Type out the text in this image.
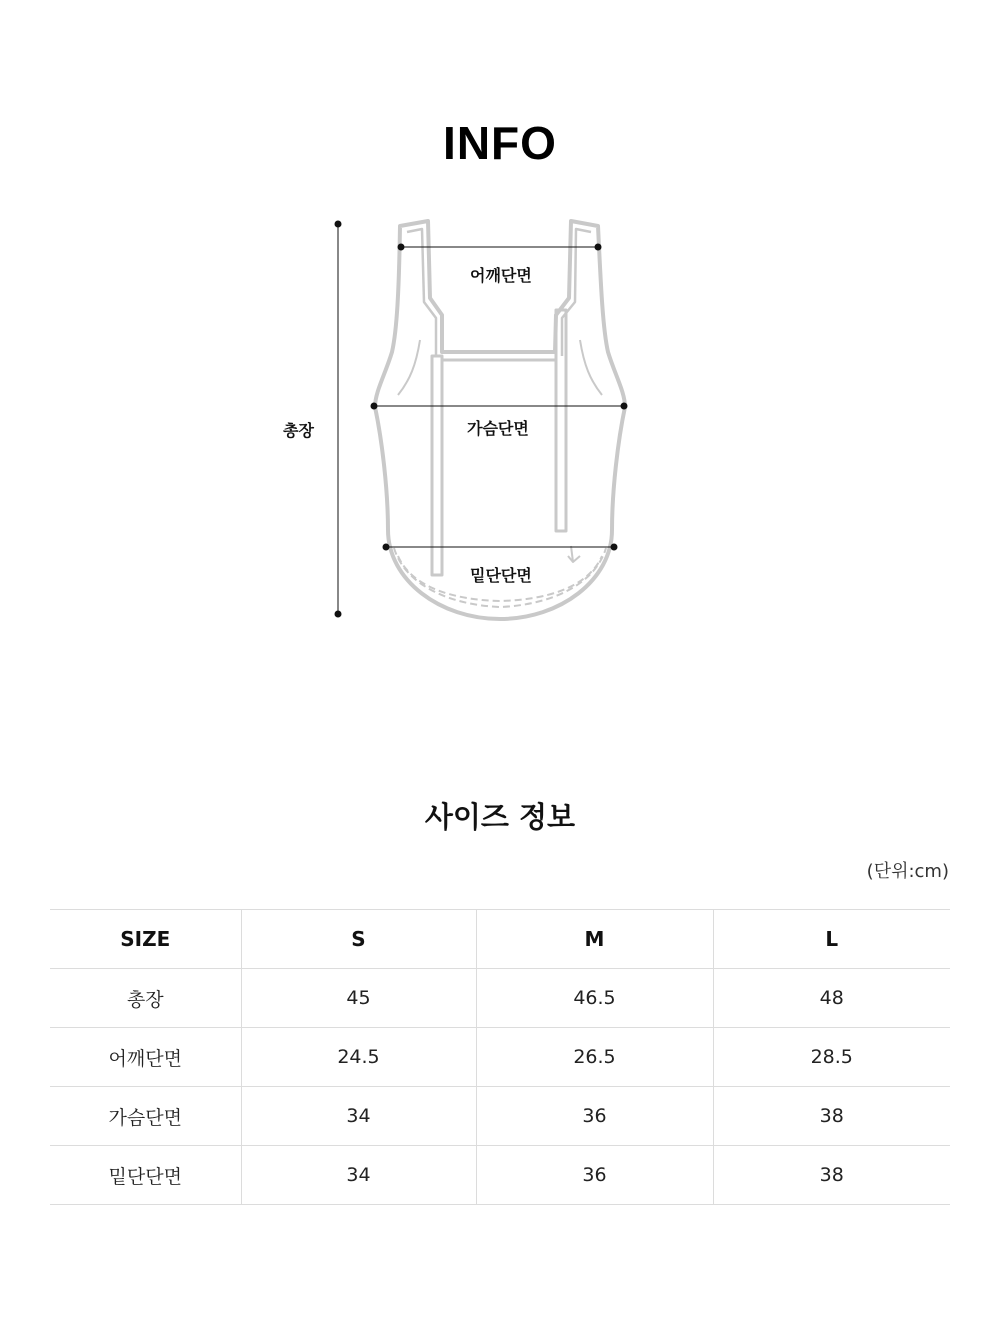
INFO
총장
어깨단면
가슴단면
밑단단면
사이즈 정보
(단위:cm)
SIZE	S	M	L
총장	45	46.5	48
어깨단면	24.5	26.5	28.5
가슴단면	34	36	38
밑단단면	34	36	38
